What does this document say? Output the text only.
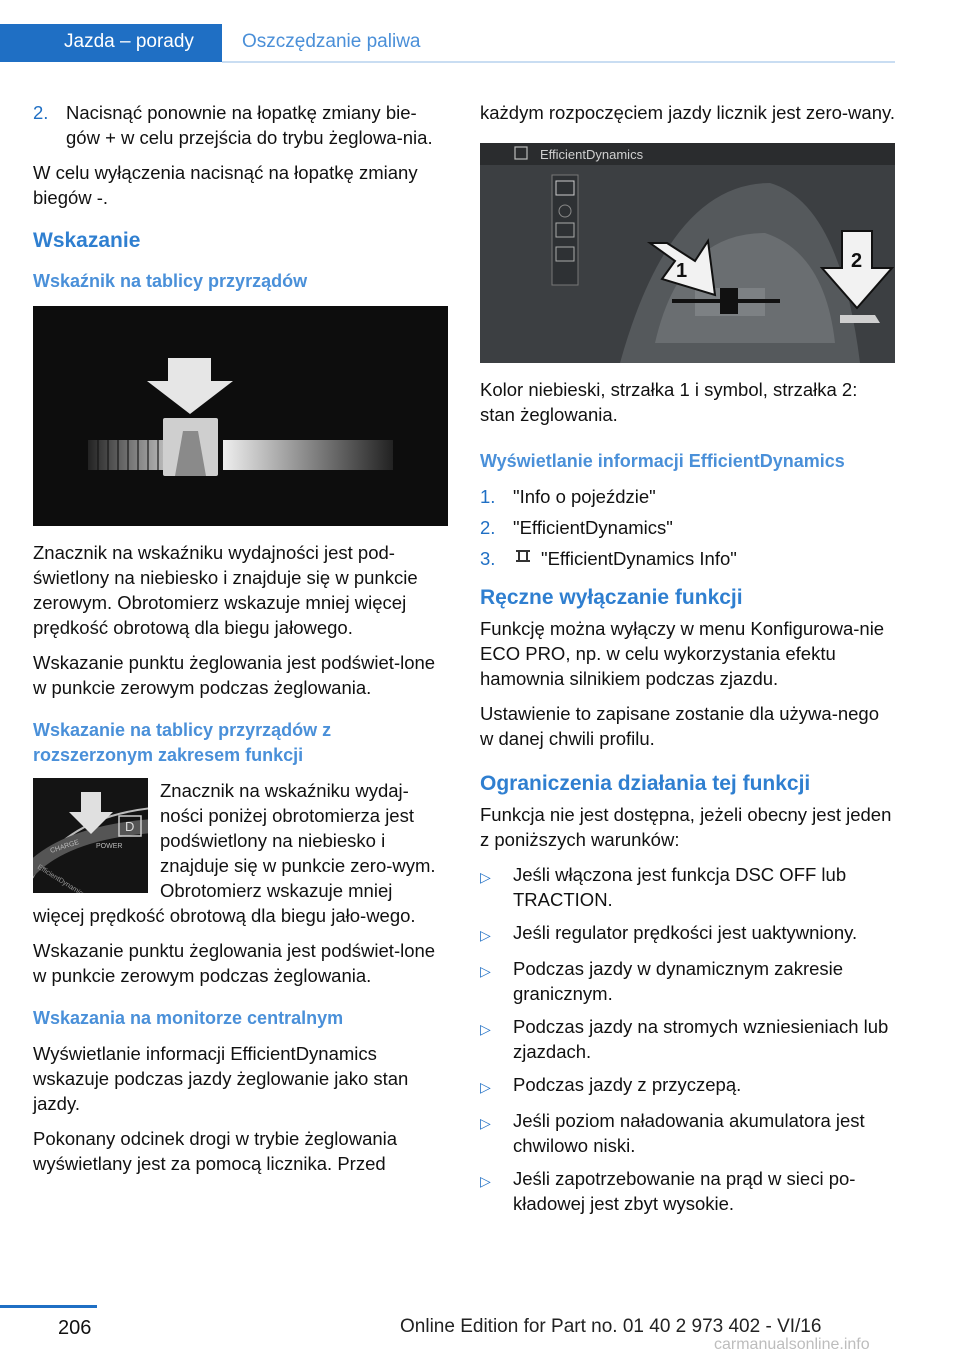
Jazda – porady	Oszczędzanie paliwa
2. Nacisnąć ponownie na łopatkę zmiany bie-gów + w celu przejścia do trybu żeglowa-nia.

W celu wyłączenia nacisnąć na łopatkę zmiany biegów -.

Wskazanie
Wskaźnik na tablicy przyrządów

Znacznik na wskaźniku wydajności jest pod-świetlony na niebiesko i znajduje się w punkcie zerowym. Obrotomierz wskazuje mniej więcej prędkość obrotową dla biegu jałowego.

Wskazanie punktu żeglowania jest podświet-lone w punkcie zerowym podczas żeglowania.

Wskazanie na tablicy przyrządów z rozszerzonym zakresem funkcji
CHARGE POWER
EfficientDynamics
D

Znacznik na wskaźniku wydaj-ności poniżej obrotomierza jest podświetlony na niebiesko i znajduje się w punkcie zero-wym. Obrotomierz wskazuje mniej więcej prędkość obrotową dla biegu jało-wego.

Wskazanie punktu żeglowania jest podświet-lone w punkcie zerowym podczas żeglowania.

Wskazania na monitorze centralnym

Wyświetlanie informacji EfficientDynamics wskazuje podczas jazdy żeglowanie jako stan jazdy.

Pokonany odcinek drogi w trybie żeglowania wyświetlany jest za pomocą licznika. Przed

każdym rozpoczęciem jazdy licznik jest zero-wany.

EfficientDynamics
1	2

Kolor niebieski, strzałka 1 i symbol, strzałka 2: stan żeglowania.

Wyświetlanie informacji EfficientDynamics
1. "Info o pojeździe"
2. "EfficientDynamics"
3.	"EfficientDynamics Info"
Ręczne wyłączanie funkcji

Funkcję można wyłączy w menu Konfigurowa-nie ECO PRO, np. w celu wykorzystania efektu hamownia silnikiem podczas zjazdu.

Ustawienie to zapisane zostanie dla używa-nego w danej chwili profilu.

Ograniczenia działania tej funkcji

Funkcja nie jest dostępna, jeżeli obecny jest jeden z poniższych warunków:

▷	Jeśli włączona jest funkcja DSC OFF lub TRACTION.
▷	Jeśli regulator prędkości jest uaktywniony.
▷	Podczas jazdy w dynamicznym zakresie granicznym.
▷	Podczas jazdy na stromych wzniesieniach lub zjazdach.
▷	Podczas jazdy z przyczepą.
▷	Jeśli poziom naładowania akumulatora jest chwilowo niski.
▷	Jeśli zapotrzebowanie na prąd w sieci po-kładowej jest zbyt wysokie.
206	Online Edition for Part no. 01 40 2 973 402 - VI/16
carmanualsonline.info
